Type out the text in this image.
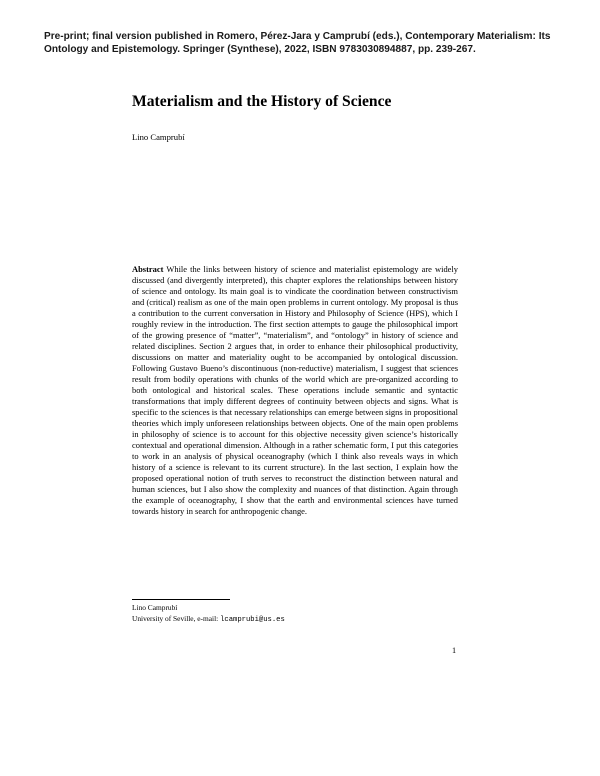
Pre-print; final version published in Romero, Pérez-Jara y Camprubí (eds.), Contemporary Materialism: Its Ontology and Epistemology. Springer (Synthese), 2022, ISBN 9783030894887, pp. 239-267.

Materialism and the History of Science

Lino Camprubí

Abstract While the links between history of science and materialist epistemology are widely discussed (and divergently interpreted), this chapter explores the relationships between history of science and ontology. Its main goal is to vindicate the coordination between constructivism and (critical) realism as one of the main open problems in current ontology. My proposal is thus a contribution to the current conversation in History and Philosophy of Science (HPS), which I roughly review in the introduction. The first section attempts to gauge the philosophical import of the growing presence of “matter”, “materialism”, and “ontology” in history of science and related disciplines. Section 2 argues that, in order to enhance their philosophical productivity, discussions on matter and materiality ought to be accompanied by ontological discussion. Following Gustavo Bueno’s discontinuous (non-reductive) materialism, I suggest that sciences result from bodily operations with chunks of the world which are pre-organized according to both ontological and historical scales. These operations include semantic and syntactic transformations that imply different degrees of continuity between objects and signs. What is specific to the sciences is that necessary relationships can emerge between signs in propositional theories which imply unforeseen relationships between objects. One of the main open problems in philosophy of science is to account for this objective necessity given science’s historically contextual and operational dimension. Although in a rather schematic form, I put this categories to work in an analysis of physical oceanography (which I think also reveals ways in which history of a science is relevant to its current structure). In the last section, I explain how the proposed operational notion of truth serves to reconstruct the distinction between natural and human sciences, but I also show the complexity and nuances of that distinction. Again through the example of oceanography, I show that the earth and environmental sciences have turned towards history in search for anthropogenic change.

Lino Camprubí
University of Seville, e-mail: lcamprubi@us.es
1
